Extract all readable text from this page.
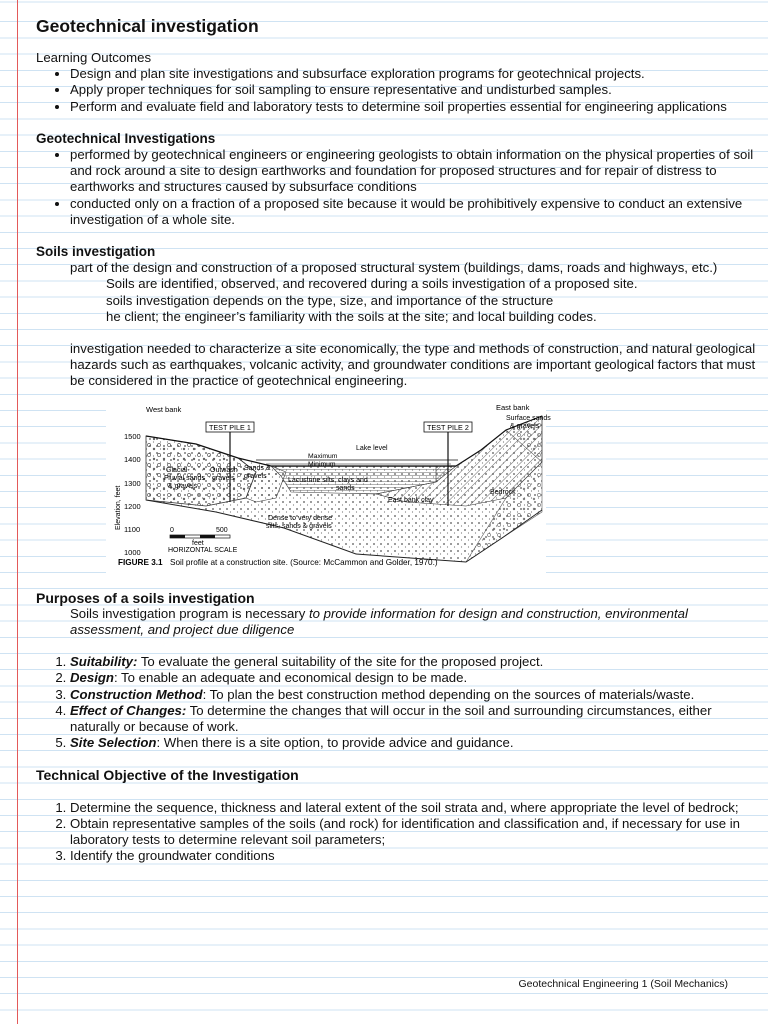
Geotechnical investigation
Learning Outcomes
• Design and plan site investigations and subsurface exploration programs for geotechnical projects.
• Apply proper techniques for soil sampling to ensure representative and undisturbed samples.
• Perform and evaluate field and laboratory tests to determine soil properties essential for engineering applications
Geotechnical Investigations
• performed by geotechnical engineers or engineering geologists to obtain information on the physical properties of soil and rock around a site to design earthworks and foundation for proposed structures and for repair of distress to earthworks and structures caused by subsurface conditions
• conducted only on a fraction of a proposed site because it would be prohibitively expensive to conduct an extensive investigation of a whole site.
Soils investigation
part of the design and construction of a proposed structural system (buildings, dams, roads and highways, etc.)
Soils are identified, observed, and recovered during a soils investigation of a proposed site.
soils investigation depends on the type, size, and importance of the structure
he client; the engineer’s familiarity with the soils at the site; and local building codes.
investigation needed to characterize a site economically, the type and methods of construction, and natural geological hazards such as earthquakes, volcanic activity, and groundwater conditions are important geological factors that must be considered in the practice of geotechnical engineering.
1500
1400
1300
1200
1100
1000
Elevation, feet
TEST PILE 1	TEST PILE 2
West bank	East bank
Surface sands
& gravels
Lake level
Maximum
Minimum
Glacial-
Fluvial sands
& gravels
Outwash
gravels
Sands &
gravels
Lacustrine silts, clays and
sands
East bank clay
Bedrock
Dense to very dense
silts, sands & gravels
0	500
feet
HORIZONTAL SCALE
FIGURE 3.1 Soil profile at a construction site. (Source: McCammon and Golder, 1970.)
Purposes of a soils investigation
Soils investigation program is necessary to provide information for design and construction, environmental assessment, and project due diligence
1. Suitability: To evaluate the general suitability of the site for the proposed project.
2. Design: To enable an adequate and economical design to be made.
3. Construction Method: To plan the best construction method depending on the sources of materials/waste.
4. Effect of Changes: To determine the changes that will occur in the soil and surrounding circumstances, either naturally or because of work.
5. Site Selection: When there is a site option, to provide advice and guidance.
Technical Objective of the Investigation
1. Determine the sequence, thickness and lateral extent of the soil strata and, where appropriate the level of bedrock;
2. Obtain representative samples of the soils (and rock) for identification and classification and, if necessary for use in laboratory tests to determine relevant soil parameters;
3. Identify the groundwater conditions
Geotechnical Engineering 1 (Soil Mechanics)
